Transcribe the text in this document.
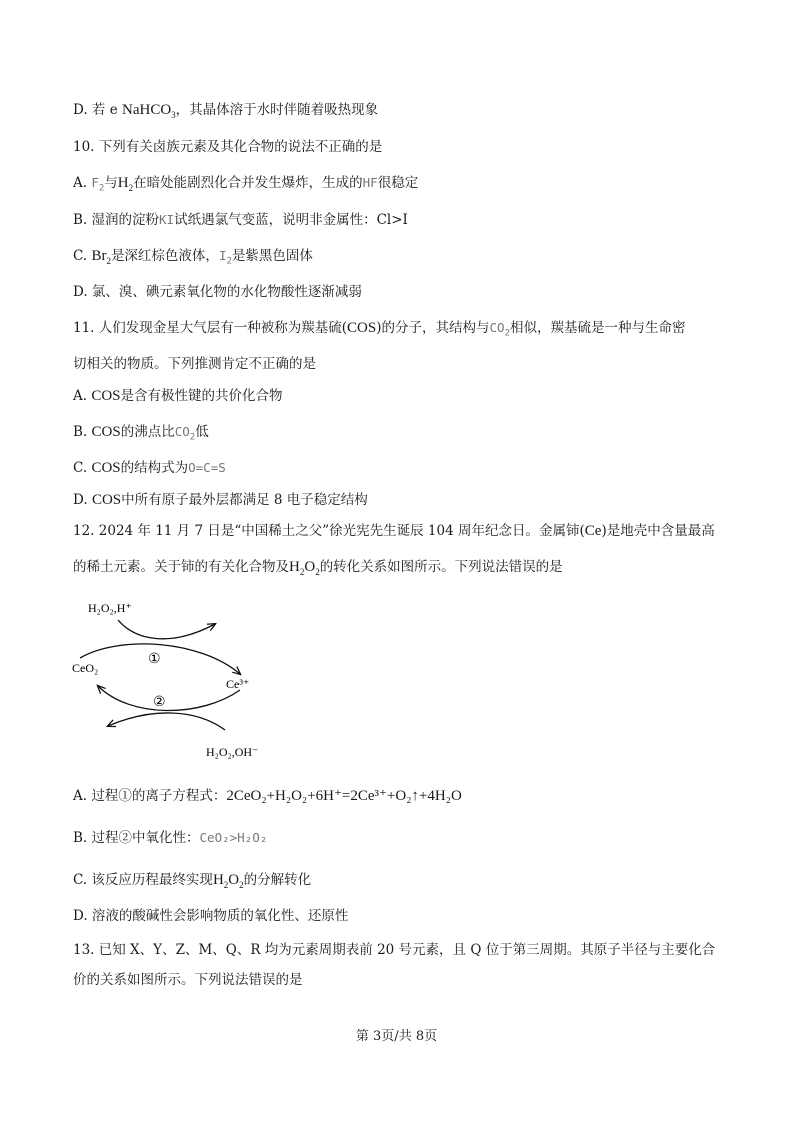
D. 若 e NaHCO$_3$，其晶体溶于水时伴随着吸热现象
10. 下列有关卤族元素及其化合物的说法不正确的是
A. $F_2$与$H_2$在暗处能剧烈化合并发生爆炸，生成的HF很稳定
B. 湿润的淀粉KI试纸遇氯气变蓝，说明非金属性：Cl>I
C. $Br_2$是深红棕色液体，$I_2$是紫黑色固体
D. 氯、溴、碘元素氧化物的水化物酸性逐渐减弱
11. 人们发现金星大气层有一种被称为羰基硫(COS)的分子，其结构与$CO_2$相似，羰基硫是一种与生命密
切相关的物质。下列推测肯定不正确的是
A. COS是含有极性键的共价化合物
B. COS的沸点比$CO_2$低
C. COS的结构式为O=C=S
D. COS中所有原子最外层都满足 8 电子稳定结构
12. 2024 年 11 月 7 日是“中国稀土之父”徐光宪先生诞辰 104 周年纪念日。金属铈(Ce)是地壳中含量最高
的稀土元素。关于铈的有关化合物及$H_2O_2$的转化关系如图所示。下列说法错误的是
H₂O₂,H⁺
H₂O₂,OH⁻
CeO₂
Ce³⁺
①
②
A. 过程①的离子方程式：2CeO₂+H₂O₂+6H⁺=2Ce³⁺+O₂↑+4H₂O
B. 过程②中氧化性：CeO₂>H₂O₂
C. 该反应历程最终实现$H_2O_2$的分解转化
D. 溶液的酸碱性会影响物质的氧化性、还原性
13. 已知 X、Y、Z、M、Q、R 均为元素周期表前 20 号元素，且 Q 位于第三周期。其原子半径与主要化合
价的关系如图所示。下列说法错误的是
第 3页/共 8页
